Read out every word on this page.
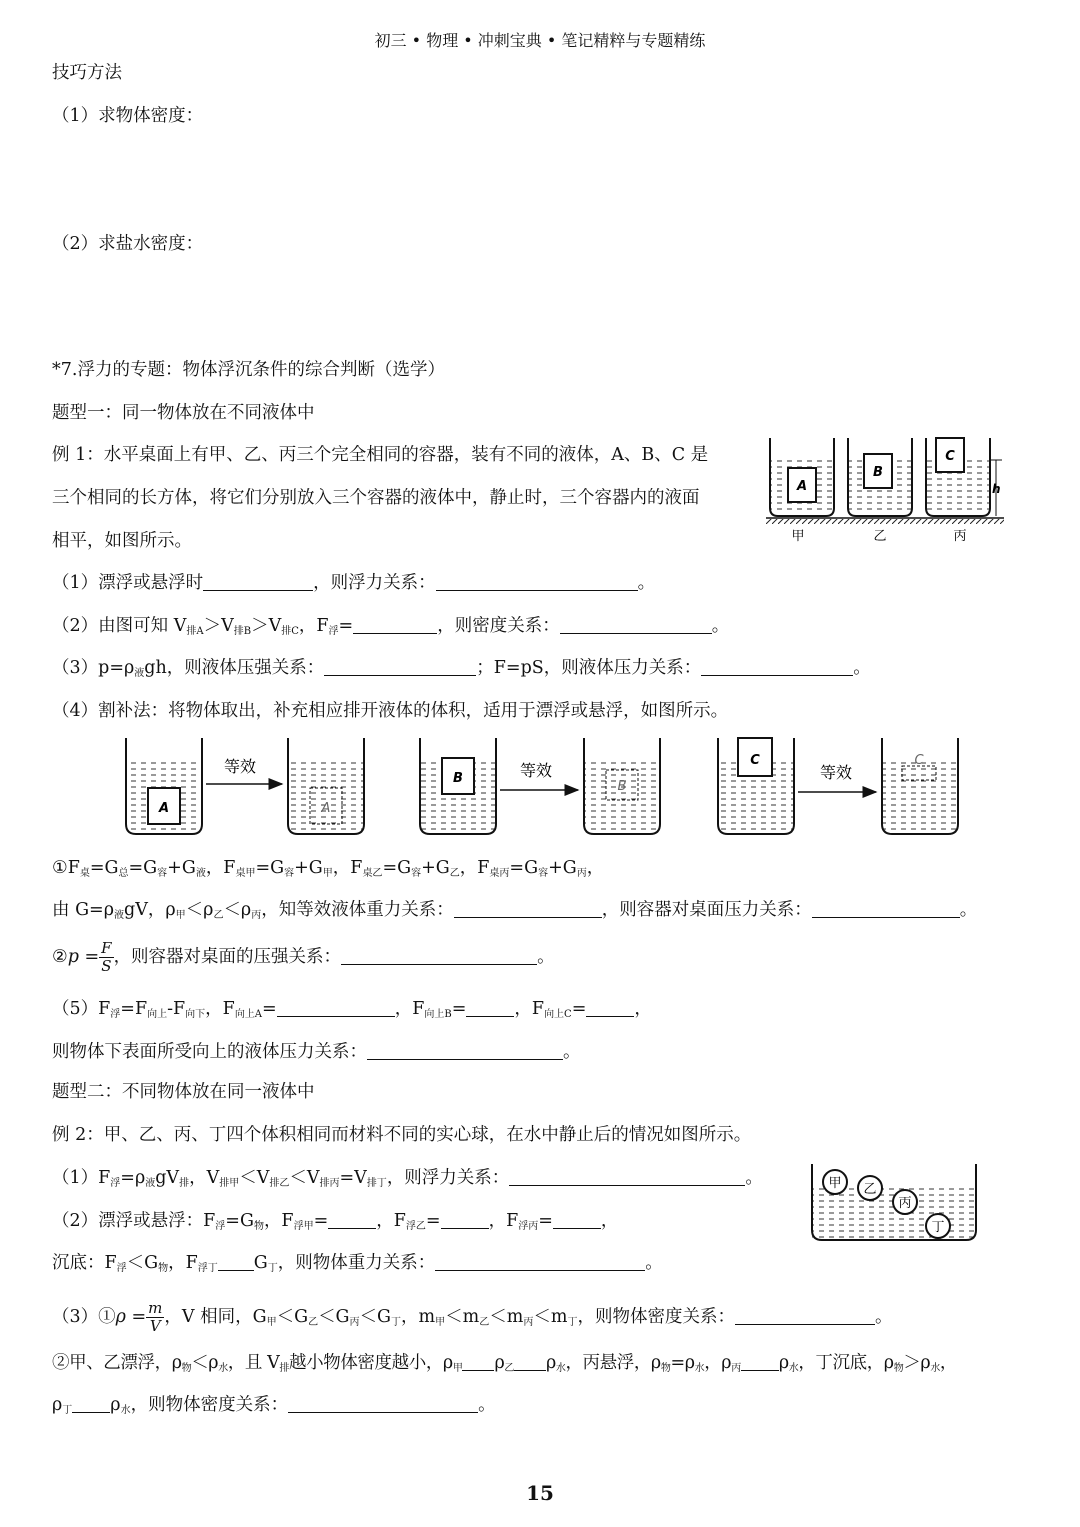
初三 • 物理 • 冲刺宝典 • 笔记精粹与专题精练
技巧方法
（1）求物体密度：
（2）求盐水密度：
*7.浮力的专题：物体浮沉条件的综合判断（选学）
题型一：同一物体放在不同液体中
例 1：水平桌面上有甲、乙、丙三个完全相同的容器，装有不同的液体，A、B、C 是
三个相同的长方体，将它们分别放入三个容器的液体中，静止时，三个容器内的液面
相平，如图所示。
A
B
C
h
甲	乙	丙
（1）漂浮或悬浮时	，则浮力关系：	。
（2）由图可知 $V_{排A}>V_{排B}>V_{排C}$，$F_浮=$	，则密度关系：	。
$(3)p=\rho_液gh$，则液体压强关系：	；F=pS，则液体压力关系：	。
（4）割补法：将物体取出，补充相应排开液体的体积，适用于漂浮或悬浮，如图所示。
A
等效
A
B	等效
B
C
等效
C
$①F_桌=G_总=G_容+G_液$，$F_{桌甲}=G_容+G_甲$，$F_{桌乙}=G_容+G_乙$，$F_{桌丙}=G_容+G_丙$，
由 $G=\rho_液gV$，$\rho_甲<\rho_乙<\rho_丙$，知等效液体重力关系：	，则容器对桌面压力关系：	。
②p = $\frac{F}{S}$ ，则容器对桌面的压强关系：	。
$(5)F_浮=F_{向上}-F_{向下}$，$F_{向上A}=$	，$F_{向上B}=$	，$F_{向上C}=$	，
则物体下表面所受向上的液体压力关系：	。
题型二：不同物体放在同一液体中
例 2：甲、乙、丙、丁四个体积相同而材料不同的实心球，在水中静止后的情况如图所示。
$(1)F_浮=\rho_液gV_排$，$V_{排甲}<V_{排乙}<V_{排丙}=V_{排丁}$，则浮力关系：	。	甲 乙
丙
丁
（2）漂浮或悬浮：$F_浮=G_物$，$F_{浮甲}=$	，$F_{浮乙}=$	，$F_{浮丙}=$	，
沉底：$F_浮<G_物$，$F_{浮丁}$ $G_丁$，则物体重力关系：	。
（3）①ρ = $\frac{m}{V}$ ，V 相同，$G_甲<G_乙<G_丙<G_丁$，$m_甲<m_乙<m_丙<m_丁$，则物体密度关系：	。
②甲、乙漂浮，$\rho_物<\rho_水$，且 $V_排$越小物体密度越小，$\rho_甲$ $\rho_乙$ $\rho_水$，丙悬浮，$\rho_物=\rho_水$，$\rho_丙$ $\rho_水$，丁沉底，$\rho_物>\rho_水$，
$\rho_丁$ $\rho_水$，则物体密度关系：	。
15
